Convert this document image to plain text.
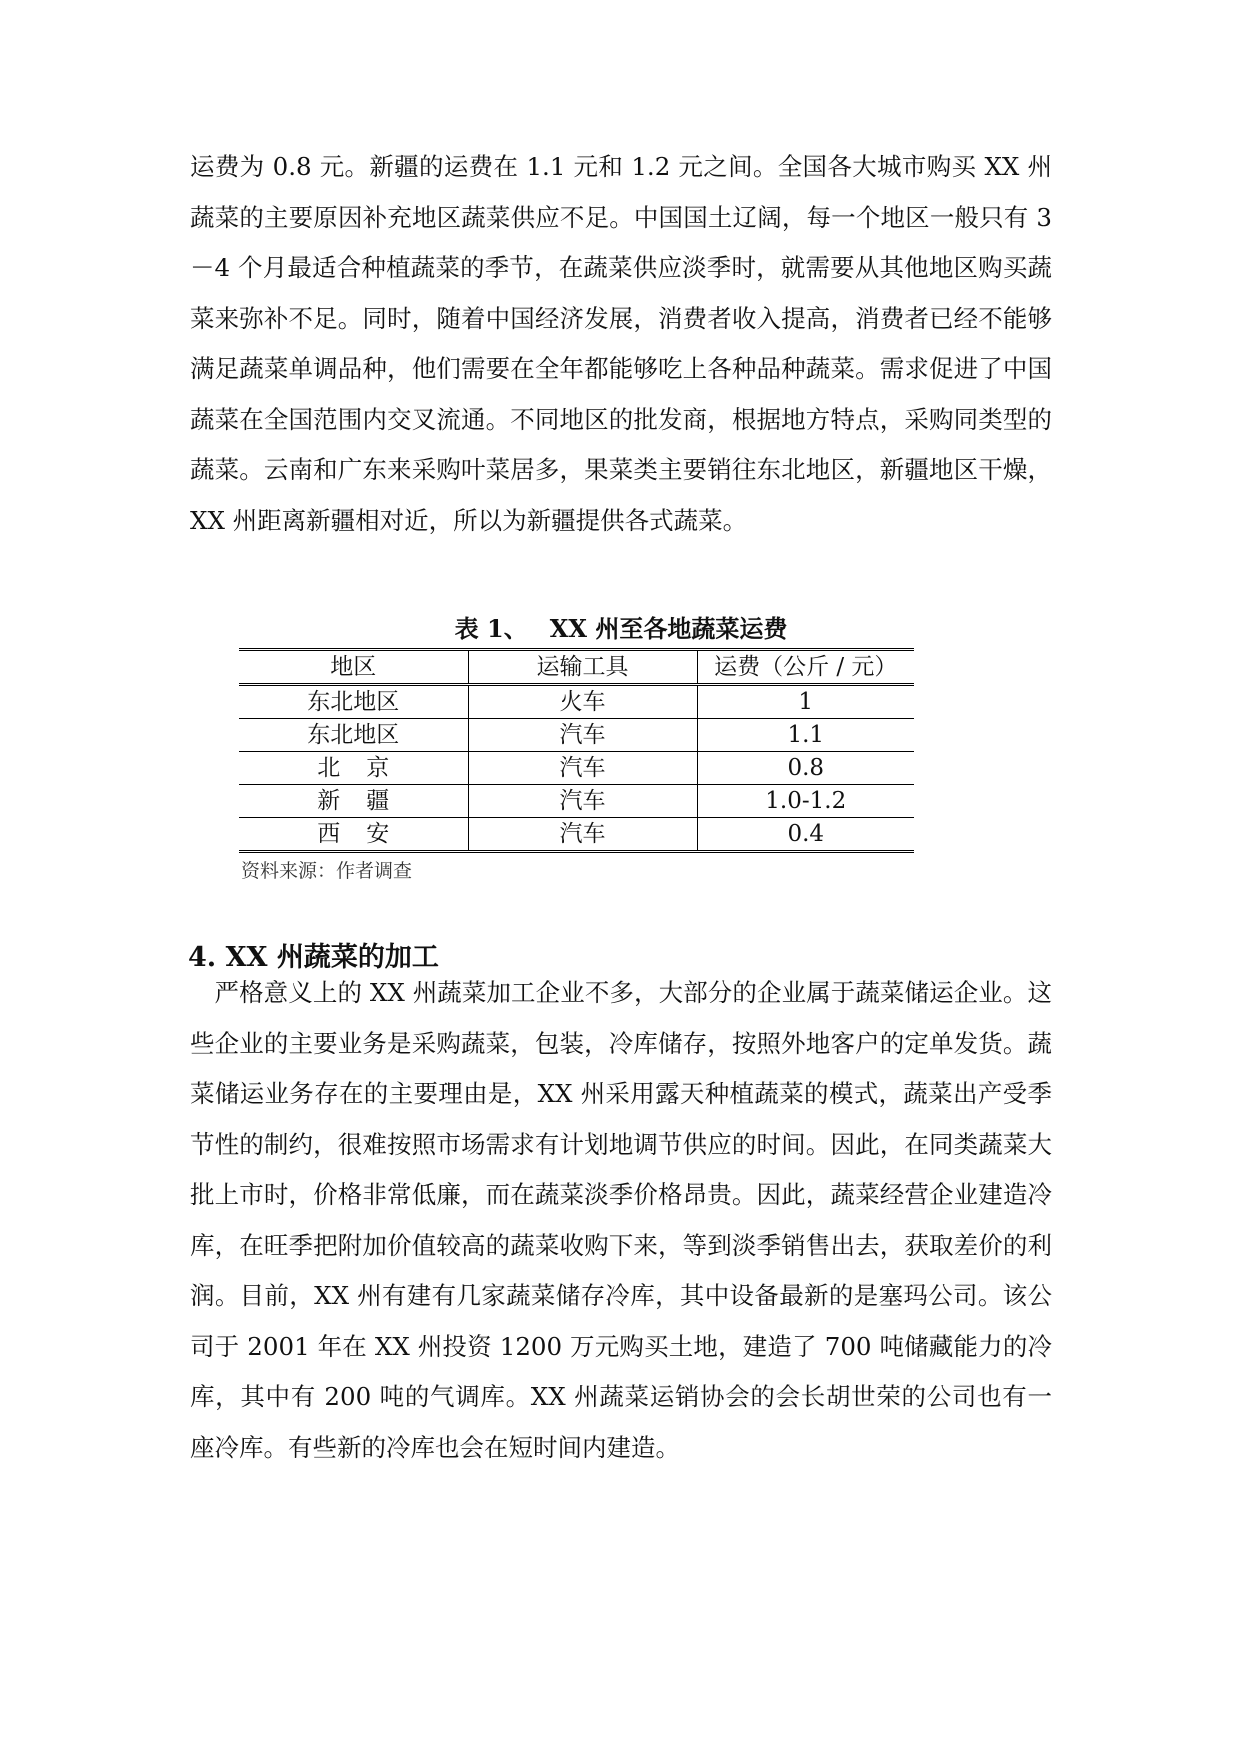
运费为 0.8 元。新疆的运费在 1.1 元和 1.2 元之间。全国各大城市购买 XX 州蔬菜的主要原因补充地区蔬菜供应不足。中国国土辽阔，每一个地区一般只有 3－4 个月最适合种植蔬菜的季节，在蔬菜供应淡季时，就需要从其他地区购买蔬菜来弥补不足。同时，随着中国经济发展，消费者收入提高，消费者已经不能够满足蔬菜单调品种，他们需要在全年都能够吃上各种品种蔬菜。需求促进了中国蔬菜在全国范围内交叉流通。不同地区的批发商，根据地方特点，采购同类型的蔬菜。云南和广东来采购叶菜居多，果菜类主要销往东北地区，新疆地区干燥，XX 州距离新疆相对近，所以为新疆提供各式蔬菜。

表 1、 XX 州至各地蔬菜运费
地区	运输工具	运费（公斤 / 元）
东北地区	火车	1
东北地区	汽车	1.1
北京	汽车	0.8
新疆	汽车	1.0-1.2
西安	汽车	0.4
资料来源：作者调查
4. XX 州蔬菜的加工

严格意义上的 XX 州蔬菜加工企业不多，大部分的企业属于蔬菜储运企业。这些企业的主要业务是采购蔬菜，包装，冷库储存，按照外地客户的定单发货。蔬菜储运业务存在的主要理由是，XX 州采用露天种植蔬菜的模式，蔬菜出产受季节性的制约，很难按照市场需求有计划地调节供应的时间。因此，在同类蔬菜大批上市时，价格非常低廉，而在蔬菜淡季价格昂贵。因此，蔬菜经营企业建造冷库，在旺季把附加价值较高的蔬菜收购下来，等到淡季销售出去，获取差价的利润。目前，XX 州有建有几家蔬菜储存冷库，其中设备最新的是塞玛公司。该公司于 2001 年在 XX 州投资 1200 万元购买土地，建造了 700 吨储藏能力的冷库，其中有 200 吨的气调库。XX 州蔬菜运销协会的会长胡世荣的公司也有一座冷库。有些新的冷库也会在短时间内建造。
